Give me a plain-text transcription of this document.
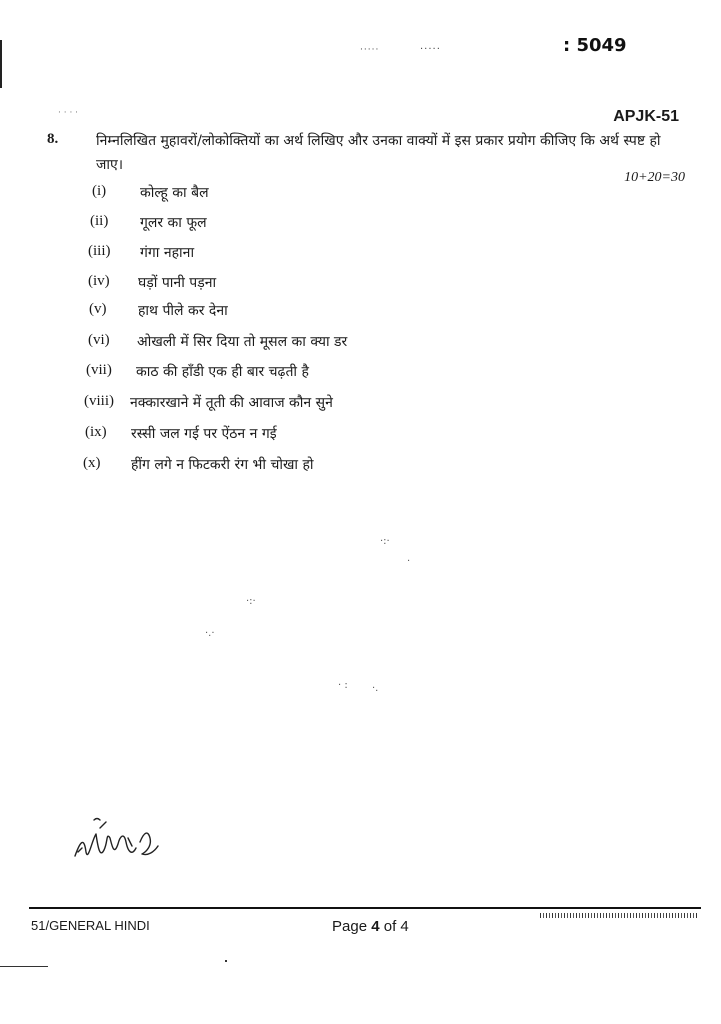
·····	·····	: 5049
· · · ·	APJK-51
8.	निम्नलिखित मुहावरों/लोकोक्तियों का अर्थ लिखिए और उनका वाक्यों में इस प्रकार प्रयोग कीजिए कि अर्थ स्पष्ट हो जाए।
10+20=30
(i) कोल्हू का बैल
(ii) गूलर का फूल
(iii) गंगा नहाना
(iv) घड़ों पानी पड़ना
(v) हाथ पीले कर देना
(vi) ओखली में सिर दिया तो मूसल का क्या डर
(vii) काठ की हाँडी एक ही बार चढ़ती है
(viii) नक्कारखाने में तूती की आवाज कौन सुने
(ix) रस्सी जल गई पर ऐंठन न गई
(x) हींग लगे न फिटकरी रंग भी चोखा हो
·:·
·
·:·
·.·
· : ·.
51/GENERAL HINDI	Page 4 of 4
